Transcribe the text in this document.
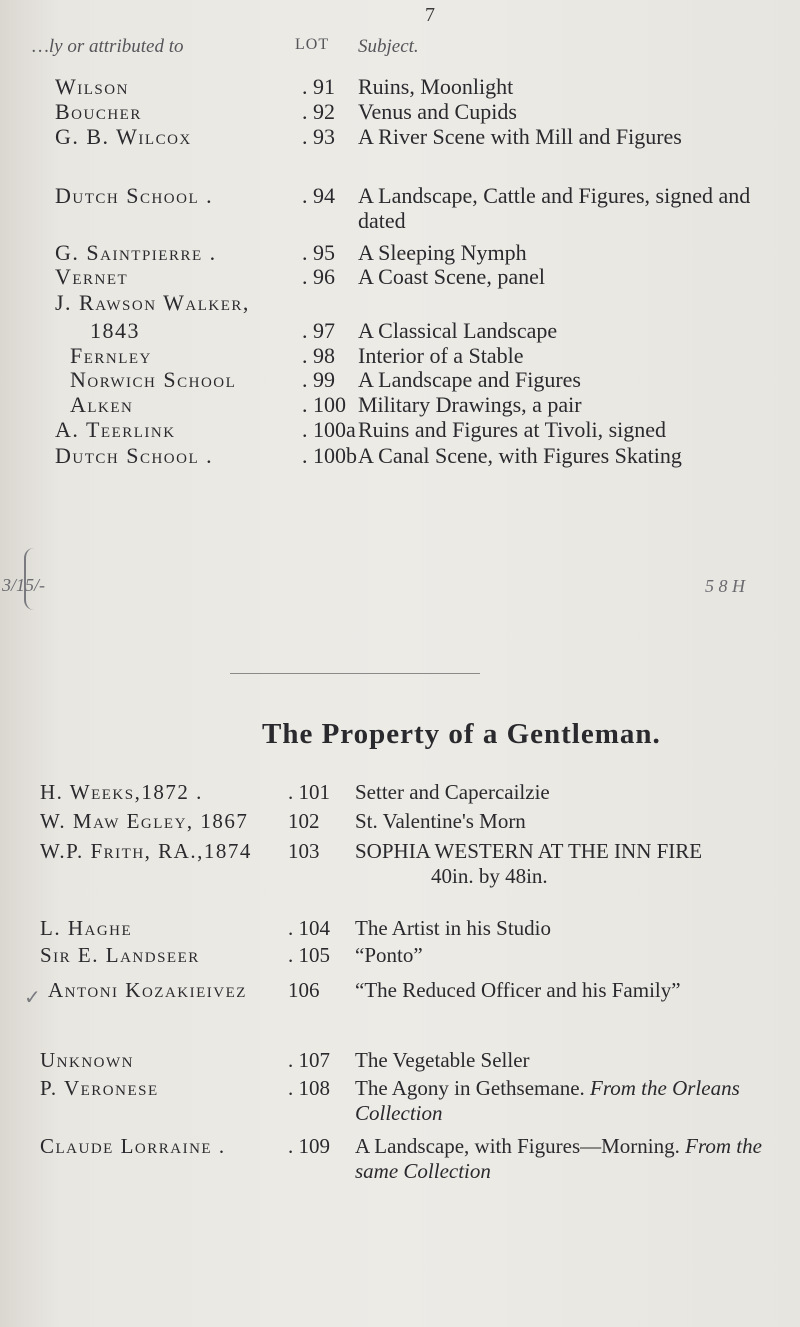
7
…ly or attributed to	LOT Subject.
Wilson	. 91 Ruins, Moonlight
Boucher	. 92 Venus and Cupids
G. B. Wilcox	. 93 A River Scene with Mill and Figures
Dutch School .	. 94 A Landscape, Cattle and Figures, signed and dated
G. Saintpierre .	. 95 A Sleeping Nymph
Vernet	. 96 A Coast Scene, panel
J. Rawson Walker,
1843	. 97 A Classical Landscape
Fernley	. 98 Interior of a Stable
Norwich School	. 99 A Landscape and Figures
Alken	. 100 Military Drawings, a pair
A. Teerlink	. 100a Ruins and Figures at Tivoli, signed
Dutch School .	. 100b A Canal Scene, with Figures Skating
3/15/-	5 8 H
✓
The Property of a Gentleman.
H. Weeks,1872 .	. 101 Setter and Capercailzie
W. Maw Egley, 1867 102 St. Valentine's Morn
W.P. Frith, RA.,1874 103 SOPHIA WESTERN AT THE INN FIRE
40in. by 48in.
L. Haghe	. 104 The Artist in his Studio
Sir E. Landseer	. 105 “Ponto”
Antoni Kozakieivez 106 “The Reduced Officer and his Family”
Unknown	. 107 The Vegetable Seller
P. Veronese	. 108 The Agony in Gethsemane. From the Orleans Collection
Claude Lorraine .	. 109 A Landscape, with Figures—Morning. From the same Collection
